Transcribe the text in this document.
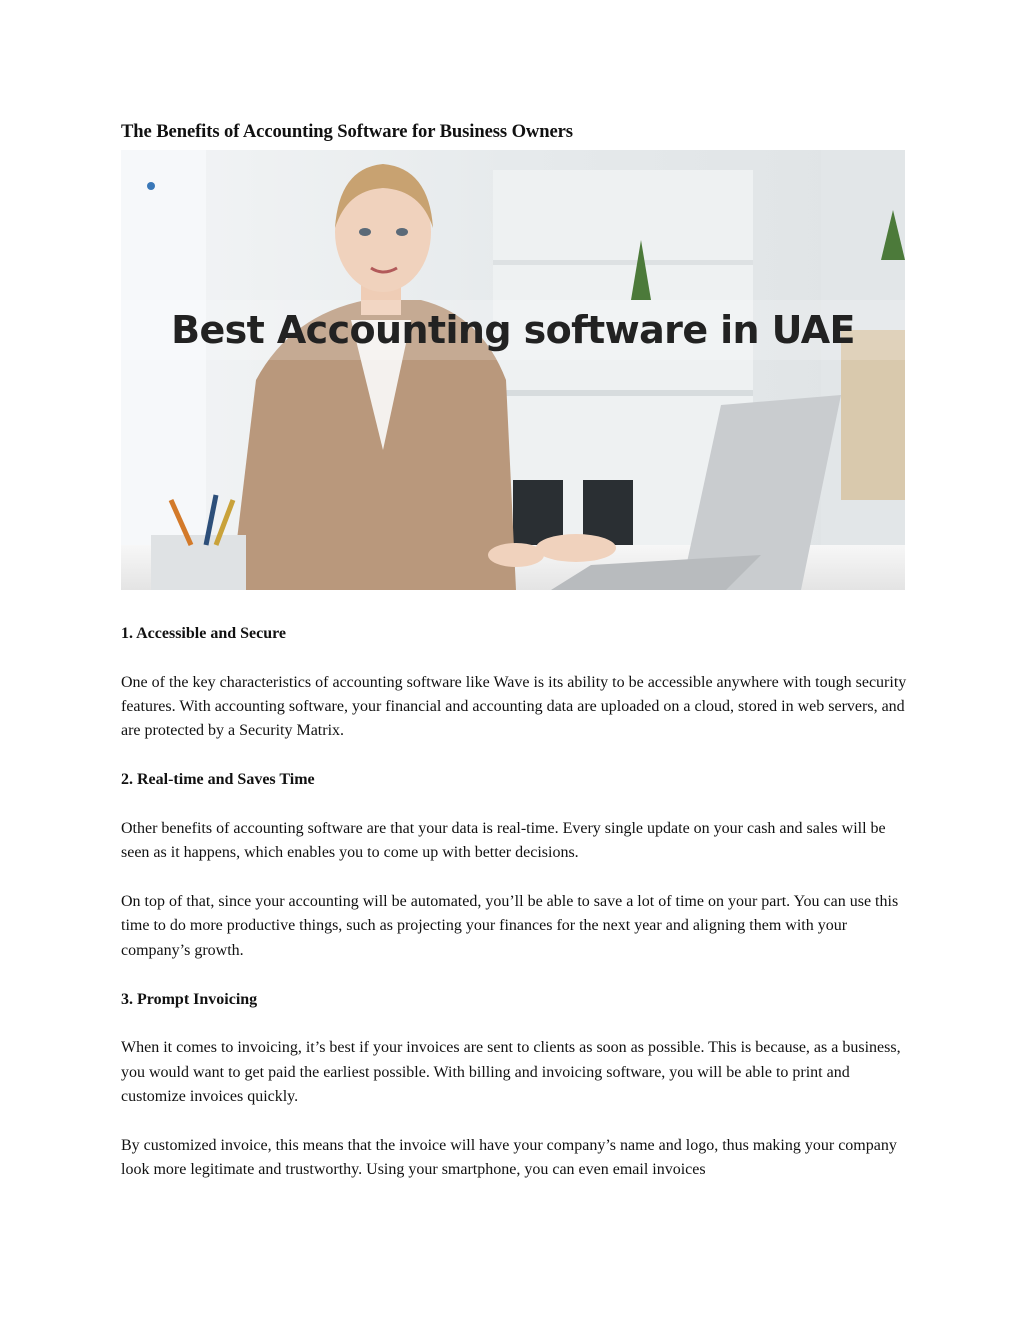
The Benefits of Accounting Software for Business Owners
Best Accounting software in UAE
1. Accessible and Secure

One of the key characteristics of accounting software like Wave is its ability to be accessible anywhere with tough security features. With accounting software, your financial and accounting data are uploaded on a cloud, stored in web servers, and are protected by a Security Matrix.

2. Real-time and Saves Time

Other benefits of accounting software are that your data is real-time. Every single update on your cash and sales will be seen as it happens, which enables you to come up with better decisions.

On top of that, since your accounting will be automated, you’ll be able to save a lot of time on your part. You can use this time to do more productive things, such as projecting your finances for the next year and aligning them with your company’s growth.

3. Prompt Invoicing

When it comes to invoicing, it’s best if your invoices are sent to clients as soon as possible. This is because, as a business, you would want to get paid the earliest possible. With billing and invoicing software, you will be able to print and customize invoices quickly.

By customized invoice, this means that the invoice will have your company’s name and logo, thus making your company look more legitimate and trustworthy. Using your smartphone, you can even email invoices
